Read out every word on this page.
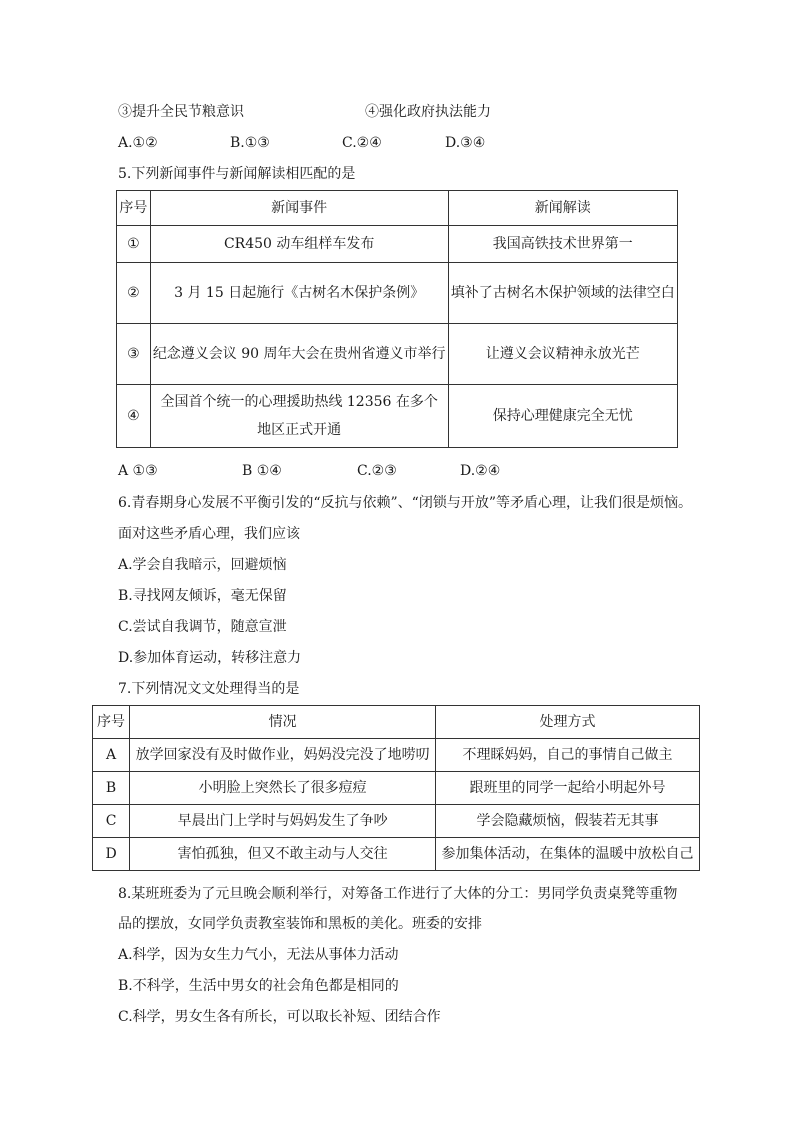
③提升全民节粮意识	④强化政府执法能力
A.①②	B.①③	C.②④	D.③④
5.下列新闻事件与新闻解读相匹配的是
序号	新闻事件	新闻解读
①	CR450 动车组样车发布	我国高铁技术世界第一
②	3 月 15 日起施行《古树名木保护条例》	填补了古树名木保护领域的法律空白
③	纪念遵义会议 90 周年大会在贵州省遵义市举行	让遵义会议精神永放光芒
④	全国首个统一的心理援助热线 12356 在多个地区正式开通	保持心理健康完全无忧
A ①③	B ①④	C.②③	D.②④
6.青春期身心发展不平衡引发的“反抗与依赖”、“闭锁与开放”等矛盾心理，让我们很是烦恼。
面对这些矛盾心理，我们应该
A.学会自我暗示，回避烦恼
B.寻找网友倾诉，毫无保留
C.尝试自我调节，随意宣泄
D.参加体育运动，转移注意力
7.下列情况文文处理得当的是
序号	情况	处理方式
A	放学回家没有及时做作业，妈妈没完没了地唠叨	不理睬妈妈，自己的事情自己做主
B	小明脸上突然长了很多痘痘	跟班里的同学一起给小明起外号
C	早晨出门上学时与妈妈发生了争吵	学会隐藏烦恼，假装若无其事
D	害怕孤独，但又不敢主动与人交往	参加集体活动，在集体的温暖中放松自己
8.某班班委为了元旦晚会顺利举行，对筹备工作进行了大体的分工：男同学负责桌凳等重物
品的摆放，女同学负责教室装饰和黑板的美化。班委的安排
A.科学，因为女生力气小，无法从事体力活动
B.不科学，生活中男女的社会角色都是相同的
C.科学，男女生各有所长，可以取长补短、团结合作
